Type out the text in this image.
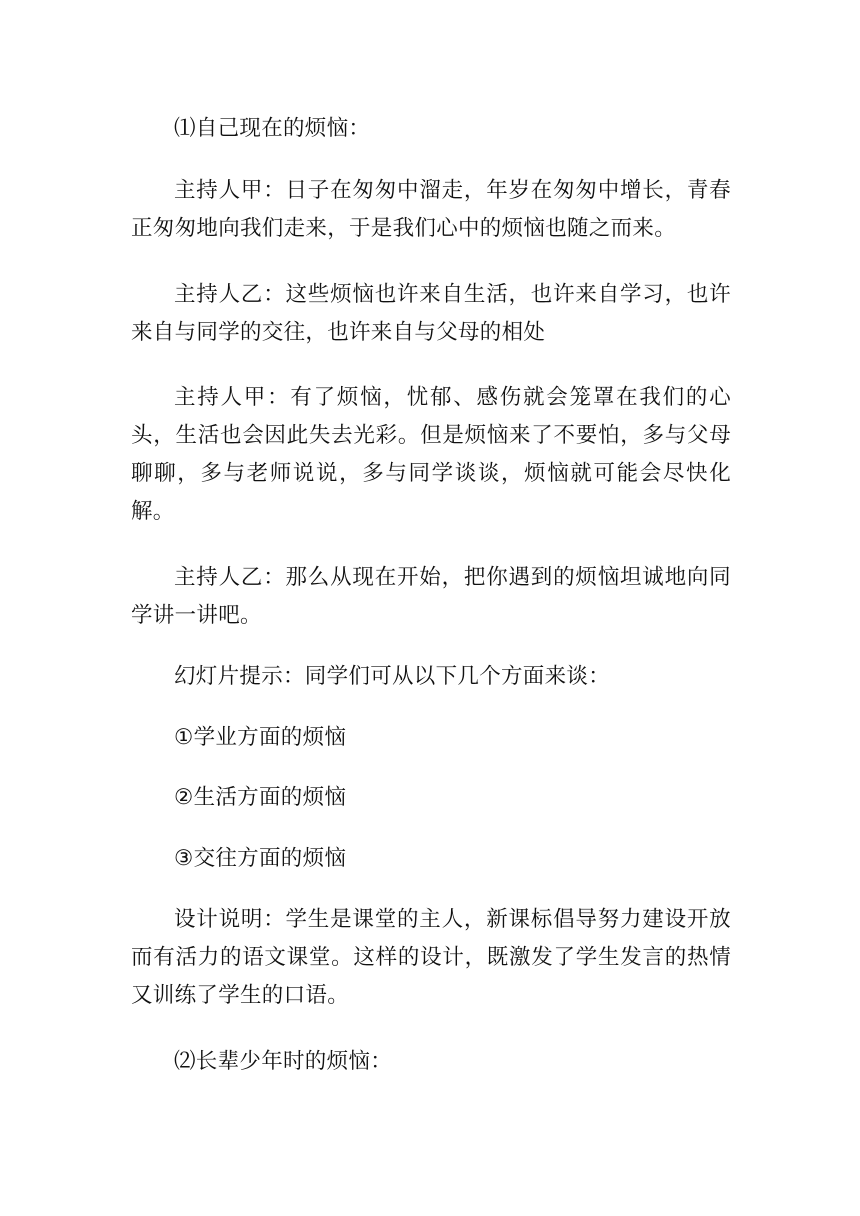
⑴自己现在的烦恼：

主持人甲：日子在匆匆中溜走，年岁在匆匆中增长，青春正匆匆地向我们走来，于是我们心中的烦恼也随之而来。

主持人乙：这些烦恼也许来自生活，也许来自学习，也许来自与同学的交往，也许来自与父母的相处

主持人甲：有了烦恼，忧郁、感伤就会笼罩在我们的心头，生活也会因此失去光彩。但是烦恼来了不要怕，多与父母聊聊，多与老师说说，多与同学谈谈，烦恼就可能会尽快化解。

主持人乙：那么从现在开始，把你遇到的烦恼坦诚地向同学讲一讲吧。

幻灯片提示：同学们可从以下几个方面来谈：

①学业方面的烦恼

②生活方面的烦恼

③交往方面的烦恼

设计说明：学生是课堂的主人，新课标倡导努力建设开放而有活力的语文课堂。这样的设计，既激发了学生发言的热情又训练了学生的口语。

⑵长辈少年时的烦恼：
